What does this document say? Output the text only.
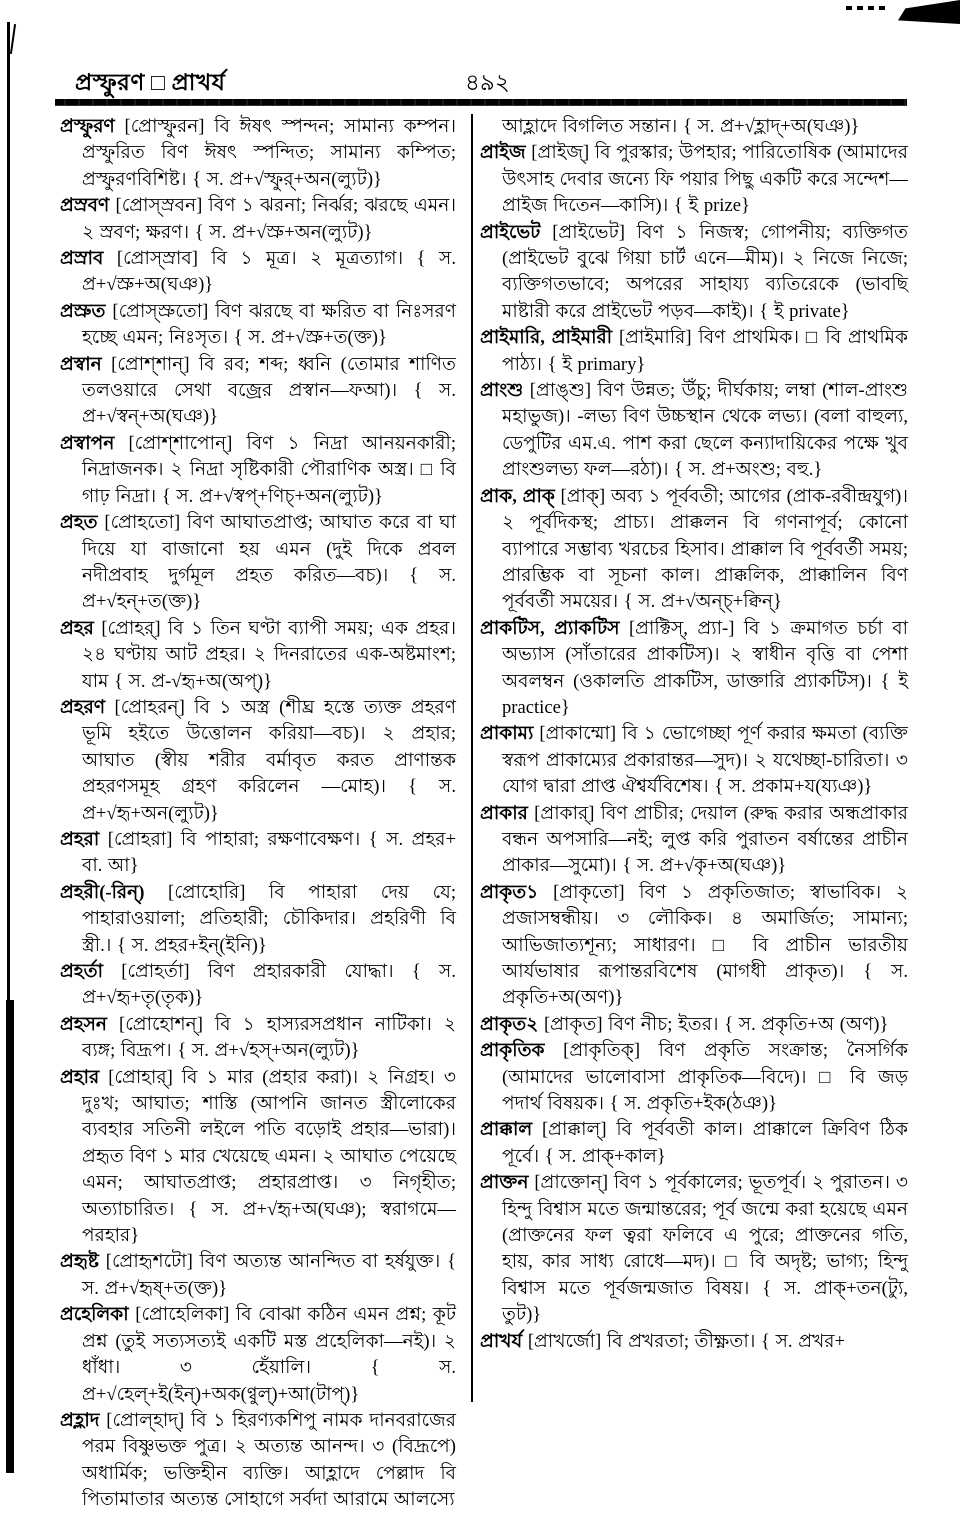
প্রস্ফুরণ □ প্রাখর্য	৪৯২

প্রস্ফুরণ [প্রোস্ফুরন] বি ঈষৎ স্পন্দন; সামান্য কম্পন। প্রস্ফুরিত বিণ ঈষৎ স্পন্দিত; সামান্য কম্পিত; প্রস্ফুরণবিশিষ্ট। { স. প্র+√স্ফুর্+অন(ল্যুট)}

প্রস্রবণ [প্রোস্স্রবন] বিণ ১ ঝরনা; নির্ঝর; ঝরছে এমন। ২ স্রবণ; ক্ষরণ। { স. প্র+√স্রু+অন(ল্যুট)}

প্রস্রাব [প্রোস্স্রাব] বি ১ মূত্র। ২ মূত্রত্যাগ। { স. প্র+√স্রু+অ(ঘঞ)}

প্রস্রুত [প্রোস্স্রুতো] বিণ ঝরছে বা ক্ষরিত বা নিঃসরণ হচ্ছে এমন; নিঃসৃত। { স. প্র+√স্রু+ত(ক্ত)}

প্রস্বান [প্রোশ্শান্] বি রব; শব্দ; ধ্বনি (তোমার শাণিত তলওয়ারে সেথা বজ্রের প্রস্বান—ফআ)। { স. প্র+√স্বন্+অ(ঘঞ)}

প্রস্বাপন [প্রোশ্শাপোন্] বিণ ১ নিদ্রা আনয়নকারী; নিদ্রাজনক। ২ নিদ্রা সৃষ্টিকারী পৌরাণিক অস্ত্র। □ বি গাঢ় নিদ্রা। { স. প্র+√স্বপ্+ণিচ্+অন(ল্যুট)}

প্রহত [প্রোহতো] বিণ আঘাতপ্রাপ্ত; আঘাত করে বা ঘা দিয়ে যা বাজানো হয় এমন (দুই দিকে প্রবল নদীপ্রবাহ দুর্গমূল প্রহত করিত—বচ)। { স. প্র+√হন্+ত(ক্ত)}

প্রহর [প্রোহর্] বি ১ তিন ঘণ্টা ব্যাপী সময়; এক প্রহর। ২৪ ঘণ্টায় আট প্রহর। ২ দিনরাতের এক-অষ্টমাংশ; যাম { স. প্র-√হৃ+অ(অপ্)}

প্রহরণ [প্রোহরন্] বি ১ অস্ত্র (শীঘ্র হস্তে ত্যক্ত প্রহরণ ভূমি হইতে উত্তোলন করিয়া—বচ)। ২ প্রহার; আঘাত (স্বীয় শরীর বর্মাবৃত করত প্রাণান্তক প্রহরণসমূহ গ্রহণ করিলেন —মোহ)। { স. প্র+√হৃ+অন(ল্যুট)}

প্রহরা [প্রোহরা] বি পাহারা; রক্ষণাবেক্ষণ। { স. প্রহর+ বা. আ}

প্রহরী(-রিন্) [প্রোহোরি] বি পাহারা দেয় যে; পাহারাওয়ালা; প্রতিহারী; চৌকিদার। প্রহরিণী বি স্ত্রী.। { স. প্রহর+ইন্(ইনি)}

প্রহর্তা [প্রোহর্তা] বিণ প্রহারকারী যোদ্ধা। { স. প্র+√হৃ+তৃ(তৃক)}

প্রহসন [প্রোহোশন্] বি ১ হাস্যরসপ্রধান নাটিকা। ২ ব্যঙ্গ; বিদ্রূপ। { স. প্র+√হস্+অন(ল্যুট)}

প্রহার [প্রোহার্] বি ১ মার (প্রহার করা)। ২ নিগ্রহ। ৩ দুঃখ; আঘাত; শাস্তি (আপনি জানত স্ত্রীলোকের ব্যবহার সতিনী লইলে পতি বড়োই প্রহার—ভারা)। প্রহৃত বিণ ১ মার খেয়েছে এমন। ২ আঘাত পেয়েছে এমন; আঘাতপ্রাপ্ত; প্রহারপ্রাপ্ত। ৩ নিগৃহীত; অত্যাচারিত। { স. প্র+√হৃ+অ(ঘঞ); স্বরাগমে—পরহার}

প্রহৃষ্ট [প্রোহৃশটো] বিণ অত্যন্ত আনন্দিত বা হর্ষযুক্ত। { স. প্র+√হৃষ্+ত(ক্ত)}

প্রহেলিকা [প্রোহেলিকা] বি বোঝা কঠিন এমন প্রশ্ন; কূট প্রশ্ন (তুই সত্যসত্যই একটি মস্ত প্রহেলিকা—নই)। ২ ধাঁধা। ৩ হেঁয়ালি। { স. প্র+√হেল্+ই(ইন্)+অক(ণ্বুল্)+আ(টাপ্)}

প্রহ্লাদ [প্রোল্হাদ্] বি ১ হিরণ্যকশিপু নামক দানবরাজের পরম বিষ্ণুভক্ত পুত্র। ২ অত্যন্ত আনন্দ। ৩ (বিদ্রূপে) অধার্মিক; ভক্তিহীন ব্যক্তি। আহ্লাদে পেল্লাদ বি পিতামাতার অত্যন্ত সোহাগে সর্বদা আরামে আলস্যে

আহ্লাদে বিগলিত সন্তান। { স. প্র+√হ্লাদ্+অ(ঘঞ)}

প্রাইজ [প্রাইজ্] বি পুরস্কার; উপহার; পারিতোষিক (আমাদের উৎসাহ দেবার জন্যে ফি পয়ার পিছু একটি করে সন্দেশ—প্রাইজ দিতেন—কাসি)। { ই prize}

প্রাইভেট [প্রাইভেট] বিণ ১ নিজস্ব; গোপনীয়; ব্যক্তিগত (প্রাইভেট বুঝে গিয়া চার্ট এনে—মীম)। ২ নিজে নিজে; ব্যক্তিগতভাবে; অপরের সাহায্য ব্যতিরেকে (ভাবছি মাষ্টারী করে প্রাইভেট পড়ব—কাই)। { ই private}

প্রাইমারি, প্রাইমারী [প্রাইমারি] বিণ প্রাথমিক। □ বি প্রাথমিক পাঠ্য। { ই primary}

প্রাংশু [প্রাঙ্শু] বিণ উন্নত; উঁচু; দীর্ঘকায়; লম্বা (শাল-প্রাংশু মহাভুজ)। -লভ্য বিণ উচ্চস্থান থেকে লভ্য। (বলা বাহুল্য, ডেপুটির এম.এ. পাশ করা ছেলে কন্যাদায়িকের পক্ষে খুব প্রাংশুলভ্য ফল—রঠা)। { স. প্র+অংশু; বহু.}

প্রাক, প্রাক্ [প্রাক্] অব্য ১ পূর্ববতী; আগের (প্রাক-রবীন্দ্রযুগ)। ২ পূর্বদিকস্থ; প্রাচ্য। প্রাক্কলন বি গণনাপূর্ব; কোনো ব্যাপারে সম্ভাব্য খরচের হিসাব। প্রাক্কাল বি পূর্ববর্তী সময়; প্রারম্ভিক বা সূচনা কাল। প্রাক্কলিক, প্রাক্কালিন বিণ পূর্ববর্তী সময়ের। { স. প্র+√অন্চ্+ক্বিন্}

প্রাকটিস, প্র্যাকটিস [প্রাক্টিস্, প্র্যা-] বি ১ ক্রমাগত চর্চা বা অভ্যাস (সাঁতারের প্রাকটিস)। ২ স্বাধীন বৃত্তি বা পেশা অবলম্বন (ওকালতি প্রাকটিস, ডাক্তারি প্র্যাকটিস)। { ই practice}

প্রাকাম্য [প্রাকাম্মো] বি ১ ভোগেচ্ছা পূর্ণ করার ক্ষমতা (ব্যক্তি স্বরূপ প্রাকাম্যের প্রকারান্তর—সুদ)। ২ যথেচ্ছা-চারিতা। ৩ যোগ দ্বারা প্রাপ্ত ঐশ্বর্যবিশেষ। { স. প্রকাম+য(য্যঞ)}

প্রাকার [প্রাকার্] বিণ প্রাচীর; দেয়াল (রুদ্ধ করার অন্ধপ্রাকার বন্ধন অপসারি—নই; লুপ্ত করি পুরাতন বর্ষান্তের প্রাচীন প্রাকার—সুমো)। { স. প্র+√কৃ+অ(ঘঞ)}

প্রাকৃত১ [প্রাকৃতো] বিণ ১ প্রকৃতিজাত; স্বাভাবিক। ২ প্রজাসম্বন্ধীয়। ৩ লৌকিক। ৪ অমার্জিত; সামান্য; আভিজাত্যশূন্য; সাধারণ। □ বি প্রাচীন ভারতীয় আর্যভাষার রূপান্তরবিশেষ (মাগধী প্রাকৃত)। { স. প্রকৃতি+অ(অণ)}

প্রাকৃত২ [প্রাকৃত] বিণ নীচ; ইতর। { স. প্রকৃতি+অ (অণ)}

প্রাকৃতিক [প্রাকৃতিক্] বিণ প্রকৃতি সংক্রান্ত; নৈসর্গিক (আমাদের ভালোবাসা প্রাকৃতিক—বিদে)। □ বি জড় পদার্থ বিষয়ক। { স. প্রকৃতি+ইক(ঠঞ)}

প্রাক্কাল [প্রাক্কাল্] বি পূর্ববতী কাল। প্রাক্কালে ক্রিবিণ ঠিক পূর্বে। { স. প্রাক্+কাল}

প্রাক্তন [প্রাক্তোন্] বিণ ১ পূর্বকালের; ভূতপূর্ব। ২ পুরাতন। ৩ হিন্দু বিশ্বাস মতে জন্মান্তরের; পূর্ব জন্মে করা হয়েছে এমন (প্রাক্তনের ফল ত্বরা ফলিবে এ পুরে; প্রাক্তনের গতি, হায়, কার সাধ্য রোধে—মদ)। □ বি অদৃষ্ট; ভাগ্য; হিন্দু বিশ্বাস মতে পূর্বজন্মজাত বিষয়। { স. প্রাক্+তন(ট্যু, তুট)}

প্রাখর্য [প্রাখর্জো] বি প্রখরতা; তীক্ষ্ণতা। { স. প্রখর+
